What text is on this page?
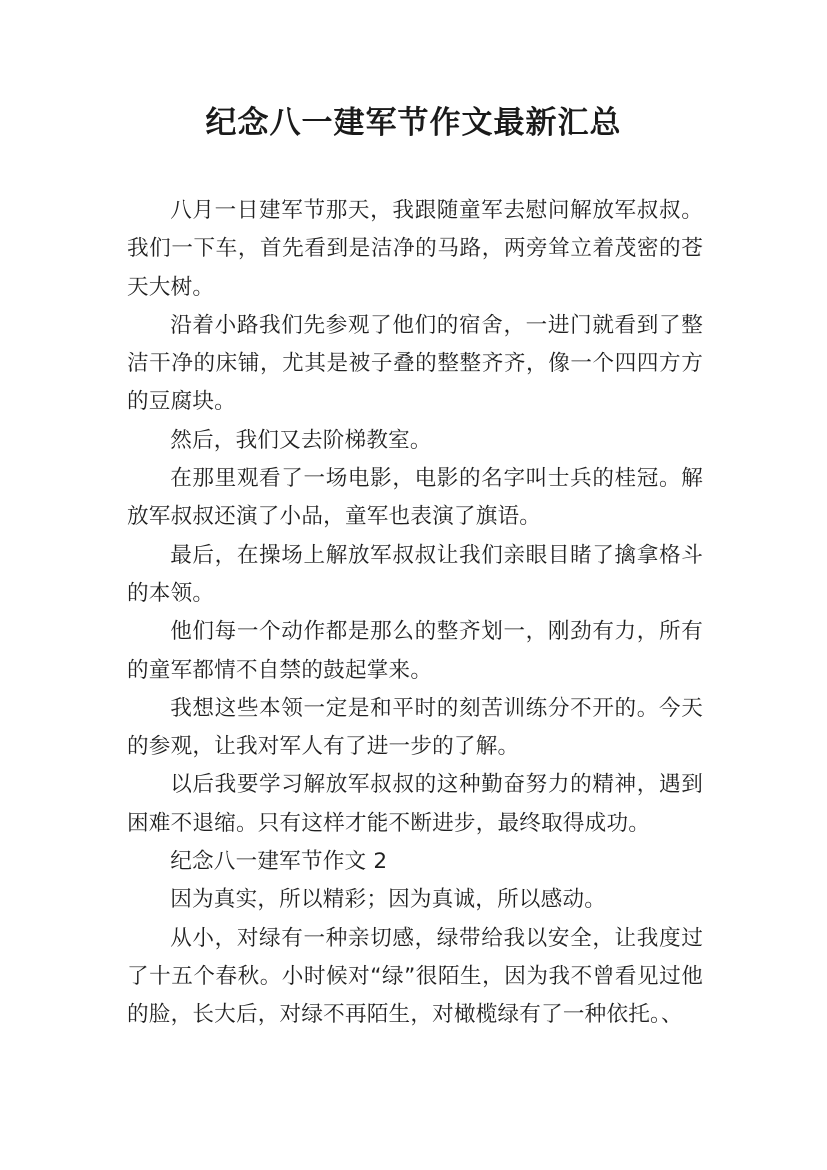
纪念八一建军节作文最新汇总

八月一日建军节那天，我跟随童军去慰问解放军叔叔。我们一下车，首先看到是洁净的马路，两旁耸立着茂密的苍天大树。

沿着小路我们先参观了他们的宿舍，一进门就看到了整洁干净的床铺，尤其是被子叠的整整齐齐，像一个四四方方的豆腐块。

然后，我们又去阶梯教室。

在那里观看了一场电影，电影的名字叫士兵的桂冠。解放军叔叔还演了小品，童军也表演了旗语。

最后，在操场上解放军叔叔让我们亲眼目睹了擒拿格斗的本领。

他们每一个动作都是那么的整齐划一，刚劲有力，所有的童军都情不自禁的鼓起掌来。

我想这些本领一定是和平时的刻苦训练分不开的。今天的参观，让我对军人有了进一步的了解。

以后我要学习解放军叔叔的这种勤奋努力的精神，遇到困难不退缩。只有这样才能不断进步，最终取得成功。

纪念八一建军节作文 2

因为真实，所以精彩；因为真诚，所以感动。

从小，对绿有一种亲切感，绿带给我以安全，让我度过了十五个春秋。小时候对“绿”很陌生，因为我不曾看见过他的脸，长大后，对绿不再陌生，对橄榄绿有了一种依托。、
